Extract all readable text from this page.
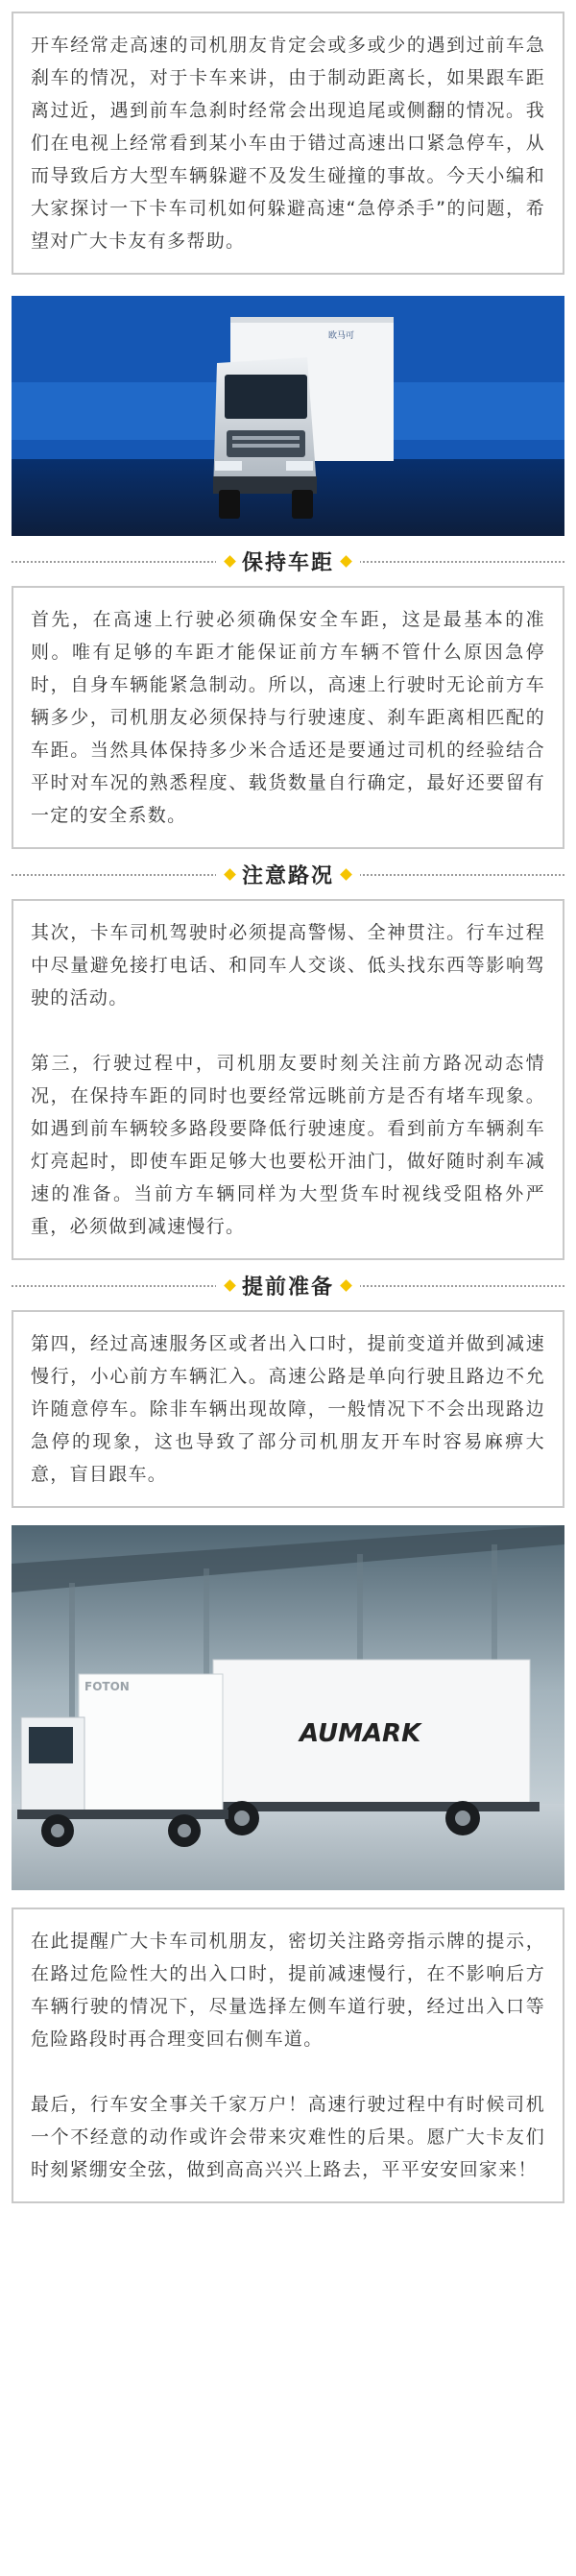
开车经常走高速的司机朋友肯定会或多或少的遇到过前车急刹车的情况，对于卡车来讲，由于制动距离长，如果跟车距离过近，遇到前车急刹时经常会出现追尾或侧翻的情况。我们在电视上经常看到某小车由于错过高速出口紧急停车，从而导致后方大型车辆躲避不及发生碰撞的事故。今天小编和大家探讨一下卡车司机如何躲避高速“急停杀手”的问题，希望对广大卡友有多帮助。

欧马可
保持车距

首先，在高速上行驶必须确保安全车距，这是最基本的准则。唯有足够的车距才能保证前方车辆不管什么原因急停时，自身车辆能紧急制动。所以，高速上行驶时无论前方车辆多少，司机朋友必须保持与行驶速度、刹车距离相匹配的车距。当然具体保持多少米合适还是要通过司机的经验结合平时对车况的熟悉程度、载货数量自行确定，最好还要留有一定的安全系数。

注意路况

其次，卡车司机驾驶时必须提高警惕、全神贯注。行车过程中尽量避免接打电话、和同车人交谈、低头找东西等影响驾驶的活动。

第三，行驶过程中，司机朋友要时刻关注前方路况动态情况，在保持车距的同时也要经常远眺前方是否有堵车现象。如遇到前车辆较多路段要降低行驶速度。看到前方车辆刹车灯亮起时，即使车距足够大也要松开油门，做好随时刹车减速的准备。当前方车辆同样为大型货车时视线受阻格外严重，必须做到减速慢行。

提前准备

第四，经过高速服务区或者出入口时，提前变道并做到减速慢行，小心前方车辆汇入。高速公路是单向行驶且路边不允许随意停车。除非车辆出现故障，一般情况下不会出现路边急停的现象，这也导致了部分司机朋友开车时容易麻痹大意，盲目跟车。

AUMARK
FOTON

在此提醒广大卡车司机朋友，密切关注路旁指示牌的提示，在路过危险性大的出入口时，提前减速慢行，在不影响后方车辆行驶的情况下，尽量选择左侧车道行驶，经过出入口等危险路段时再合理变回右侧车道。

最后，行车安全事关千家万户！高速行驶过程中有时候司机一个不经意的动作或许会带来灾难性的后果。愿广大卡友们时刻紧绷安全弦，做到高高兴兴上路去，平平安安回家来！
